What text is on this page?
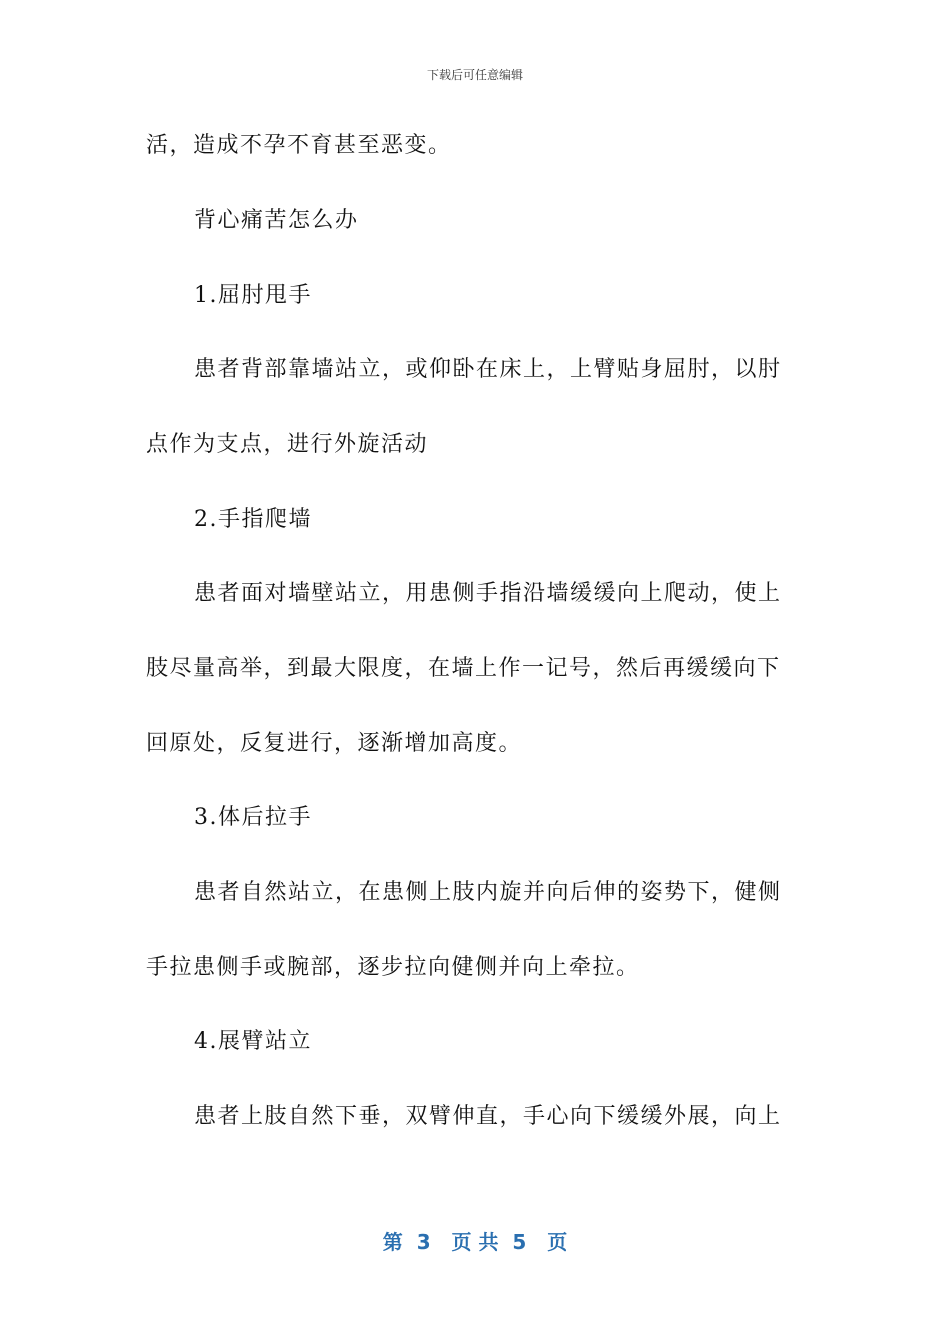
下载后可任意编辑
活，造成不孕不育甚至恶变。
背心痛苦怎么办
1.屈肘甩手
患者背部靠墙站立，或仰卧在床上，上臂贴身屈肘，以肘
点作为支点，进行外旋活动
2.手指爬墙
患者面对墙壁站立，用患侧手指沿墙缓缓向上爬动，使上
肢尽量高举，到最大限度，在墙上作一记号，然后再缓缓向下
回原处，反复进行，逐渐增加高度。
3.体后拉手
患者自然站立，在患侧上肢内旋并向后伸的姿势下，健侧
手拉患侧手或腕部，逐步拉向健侧并向上牵拉。
4.展臂站立
患者上肢自然下垂，双臂伸直，手心向下缓缓外展，向上
第  3   页 共  5   页
